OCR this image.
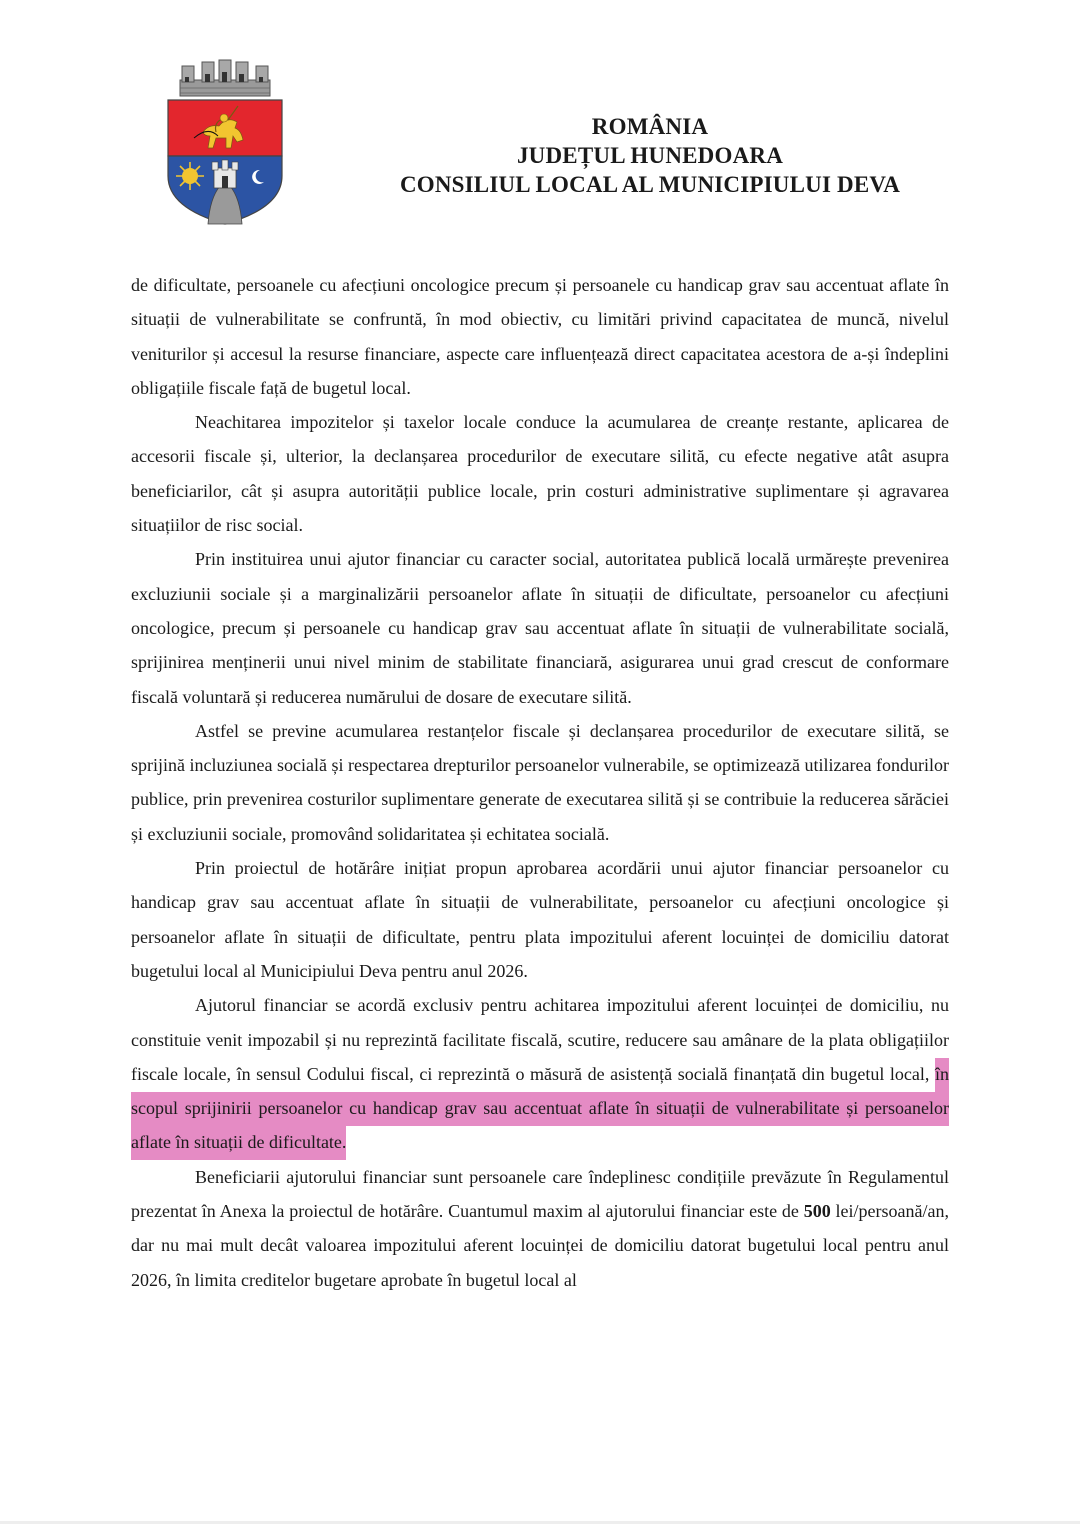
ROMÂNIA
JUDEȚUL HUNEDOARA
CONSILIUL LOCAL AL MUNICIPIULUI DEVA

de dificultate, persoanele cu afecțiuni oncologice precum și persoanele cu handicap grav sau accentuat aflate în situații de vulnerabilitate se confruntă, în mod obiectiv, cu limitări privind capacitatea de muncă, nivelul veniturilor și accesul la resurse financiare, aspecte care influențează direct capacitatea acestora de a-și îndeplini obligațiile fiscale față de bugetul local.

Neachitarea impozitelor și taxelor locale conduce la acumularea de creanțe restante, aplicarea de accesorii fiscale și, ulterior, la declanșarea procedurilor de executare silită, cu efecte negative atât asupra beneficiarilor, cât și asupra autorității publice locale, prin costuri administrative suplimentare și agravarea situațiilor de risc social.

Prin instituirea unui ajutor financiar cu caracter social, autoritatea publică locală urmărește prevenirea excluziunii sociale și a marginalizării persoanelor aflate în situații de dificultate, persoanelor cu afecțiuni oncologice, precum și persoanele cu handicap grav sau accentuat aflate în situații de vulnerabilitate socială, sprijinirea menținerii unui nivel minim de stabilitate financiară, asigurarea unui grad crescut de conformare fiscală voluntară și reducerea numărului de dosare de executare silită.

Astfel se previne acumularea restanțelor fiscale și declanșarea procedurilor de executare silită, se sprijină incluziunea socială și respectarea drepturilor persoanelor vulnerabile, se optimizează utilizarea fondurilor publice, prin prevenirea costurilor suplimentare generate de executarea silită și se contribuie la reducerea sărăciei și excluziunii sociale, promovând solidaritatea și echitatea socială.

Prin proiectul de hotărâre inițiat propun aprobarea acordării unui ajutor financiar persoanelor cu handicap grav sau accentuat aflate în situații de vulnerabilitate, persoanelor cu afecțiuni oncologice și persoanelor aflate în situații de dificultate, pentru plata impozitului aferent locuinței de domiciliu datorat bugetului local al Municipiului Deva pentru anul 2026.

Ajutorul financiar se acordă exclusiv pentru achitarea impozitului aferent locuinței de domiciliu, nu constituie venit impozabil și nu reprezintă facilitate fiscală, scutire, reducere sau amânare de la plata obligațiilor fiscale locale, în sensul Codului fiscal, ci reprezintă o măsură de asistență socială finanțată din bugetul local, în scopul sprijinirii persoanelor cu handicap grav sau accentuat aflate în situații de vulnerabilitate și persoanelor aflate în situații de dificultate.

Beneficiarii ajutorului financiar sunt persoanele care îndeplinesc condițiile prevăzute în Regulamentul prezentat în Anexa la proiectul de hotărâre. Cuantumul maxim al ajutorului financiar este de 500 lei/persoană/an, dar nu mai mult decât valoarea impozitului aferent locuinței de domiciliu datorat bugetului local pentru anul 2026, în limita creditelor bugetare aprobate în bugetul local al
